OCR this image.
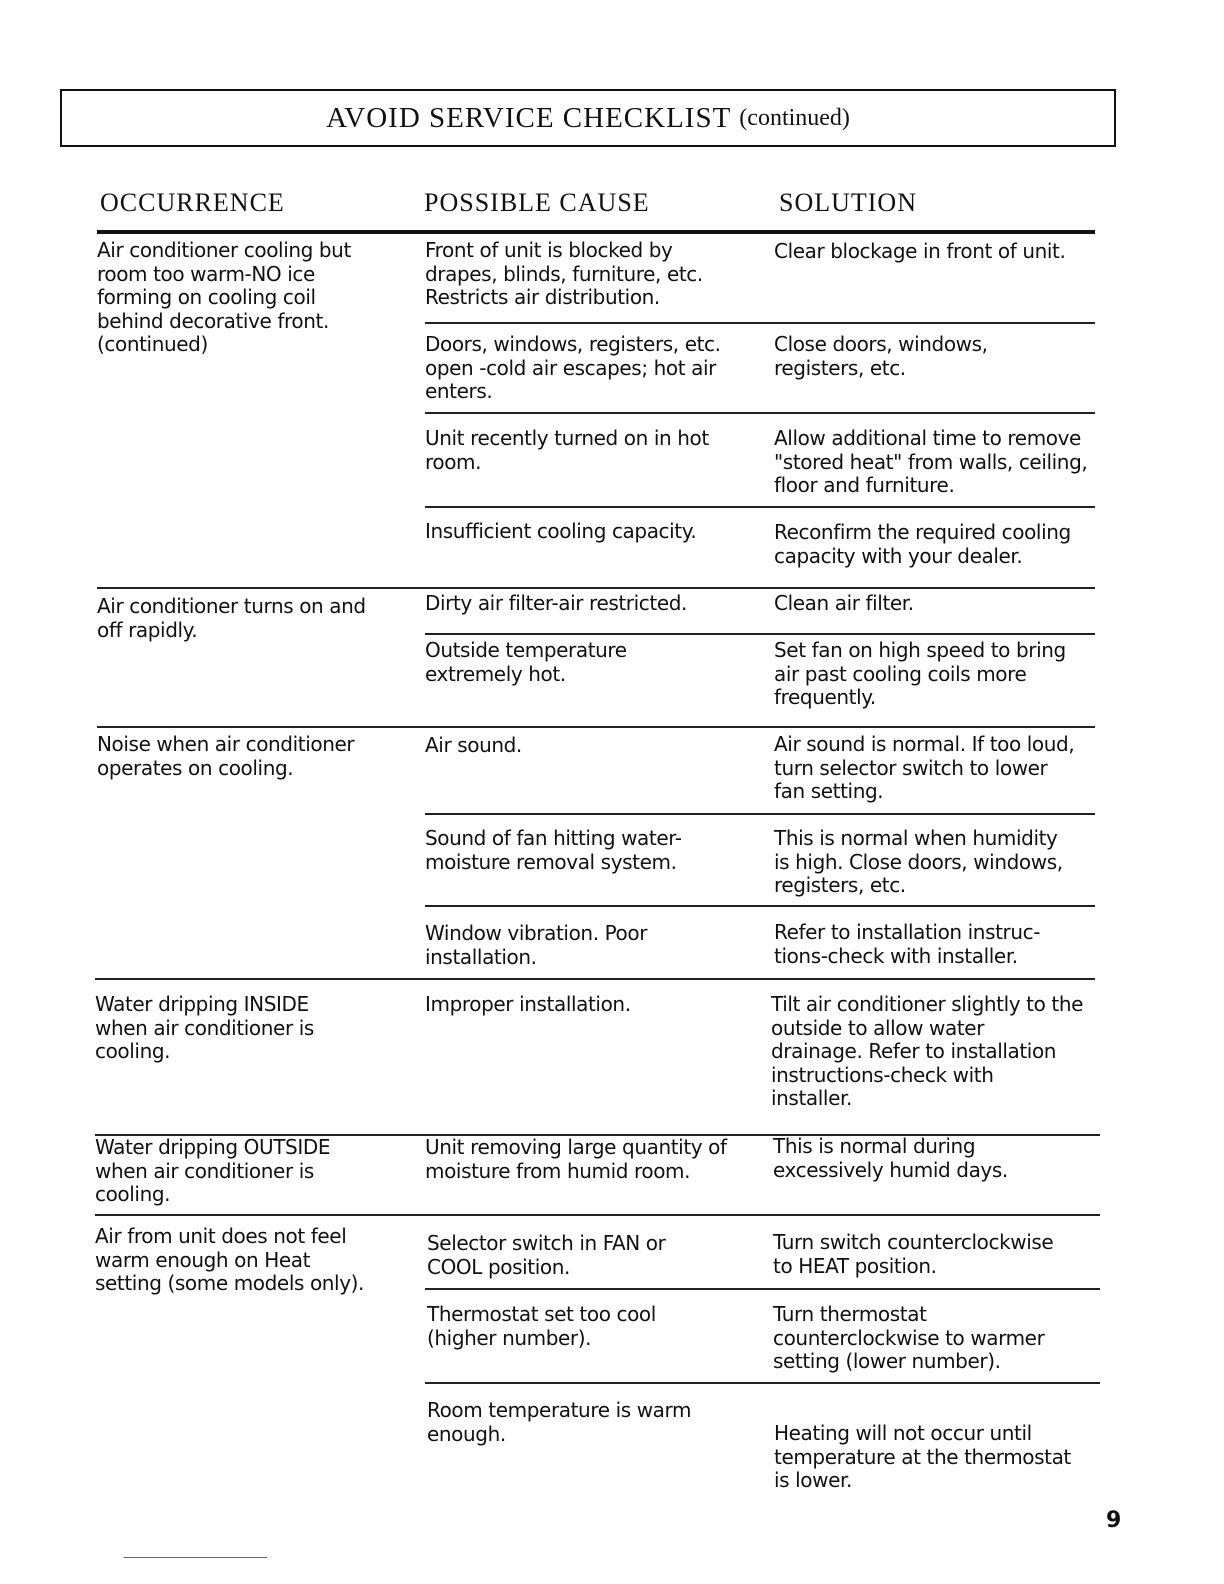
AVOID SERVICE CHECKLIST (continued)
OCCURRENCE	POSSIBLE CAUSE	SOLUTION
Air conditioner cooling but
room too warm-NO ice
forming on cooling coil
behind decorative front.
(continued)
Air conditioner turns on and
off rapidly.
Noise when air conditioner
operates on cooling.
Water dripping INSIDE
when air conditioner is
cooling.
Water dripping OUTSIDE
when air conditioner is
cooling.
Air from unit does not feel
warm enough on Heat
setting (some models only).
Front of unit is blocked by
drapes, blinds, furniture, etc.
Restricts air distribution.
Doors, windows, registers, etc.
open -cold air escapes; hot air
enters.
Unit recently turned on in hot
room.
Insufficient cooling capacity.
Dirty air filter-air restricted.
Outside temperature
extremely hot.
Air sound.
Sound of fan hitting water-
moisture removal system.
Window vibration. Poor
installation.
Improper installation.
Unit removing large quantity of
moisture from humid room.
Selector switch in FAN or
COOL position.
Thermostat set too cool
(higher number).
Room temperature is warm
enough.
Clear blockage in front of unit.
Close doors, windows,
registers, etc.
Allow additional time to remove
"stored heat" from walls, ceiling,
floor and furniture.
Reconfirm the required cooling
capacity with your dealer.
Clean air filter.
Set fan on high speed to bring
air past cooling coils more
frequently.
Air sound is normal. If too loud,
turn selector switch to lower
fan setting.
This is normal when humidity
is high. Close doors, windows,
registers, etc.
Refer to installation instruc-
tions-check with installer.
Tilt air conditioner slightly to the
outside to allow water
drainage. Refer to installation
instructions-check with
installer.
This is normal during
excessively humid days.
Turn switch counterclockwise
to HEAT position.
Turn thermostat
counterclockwise to warmer
setting (lower number).
Heating will not occur until
temperature at the thermostat
is lower.
9
